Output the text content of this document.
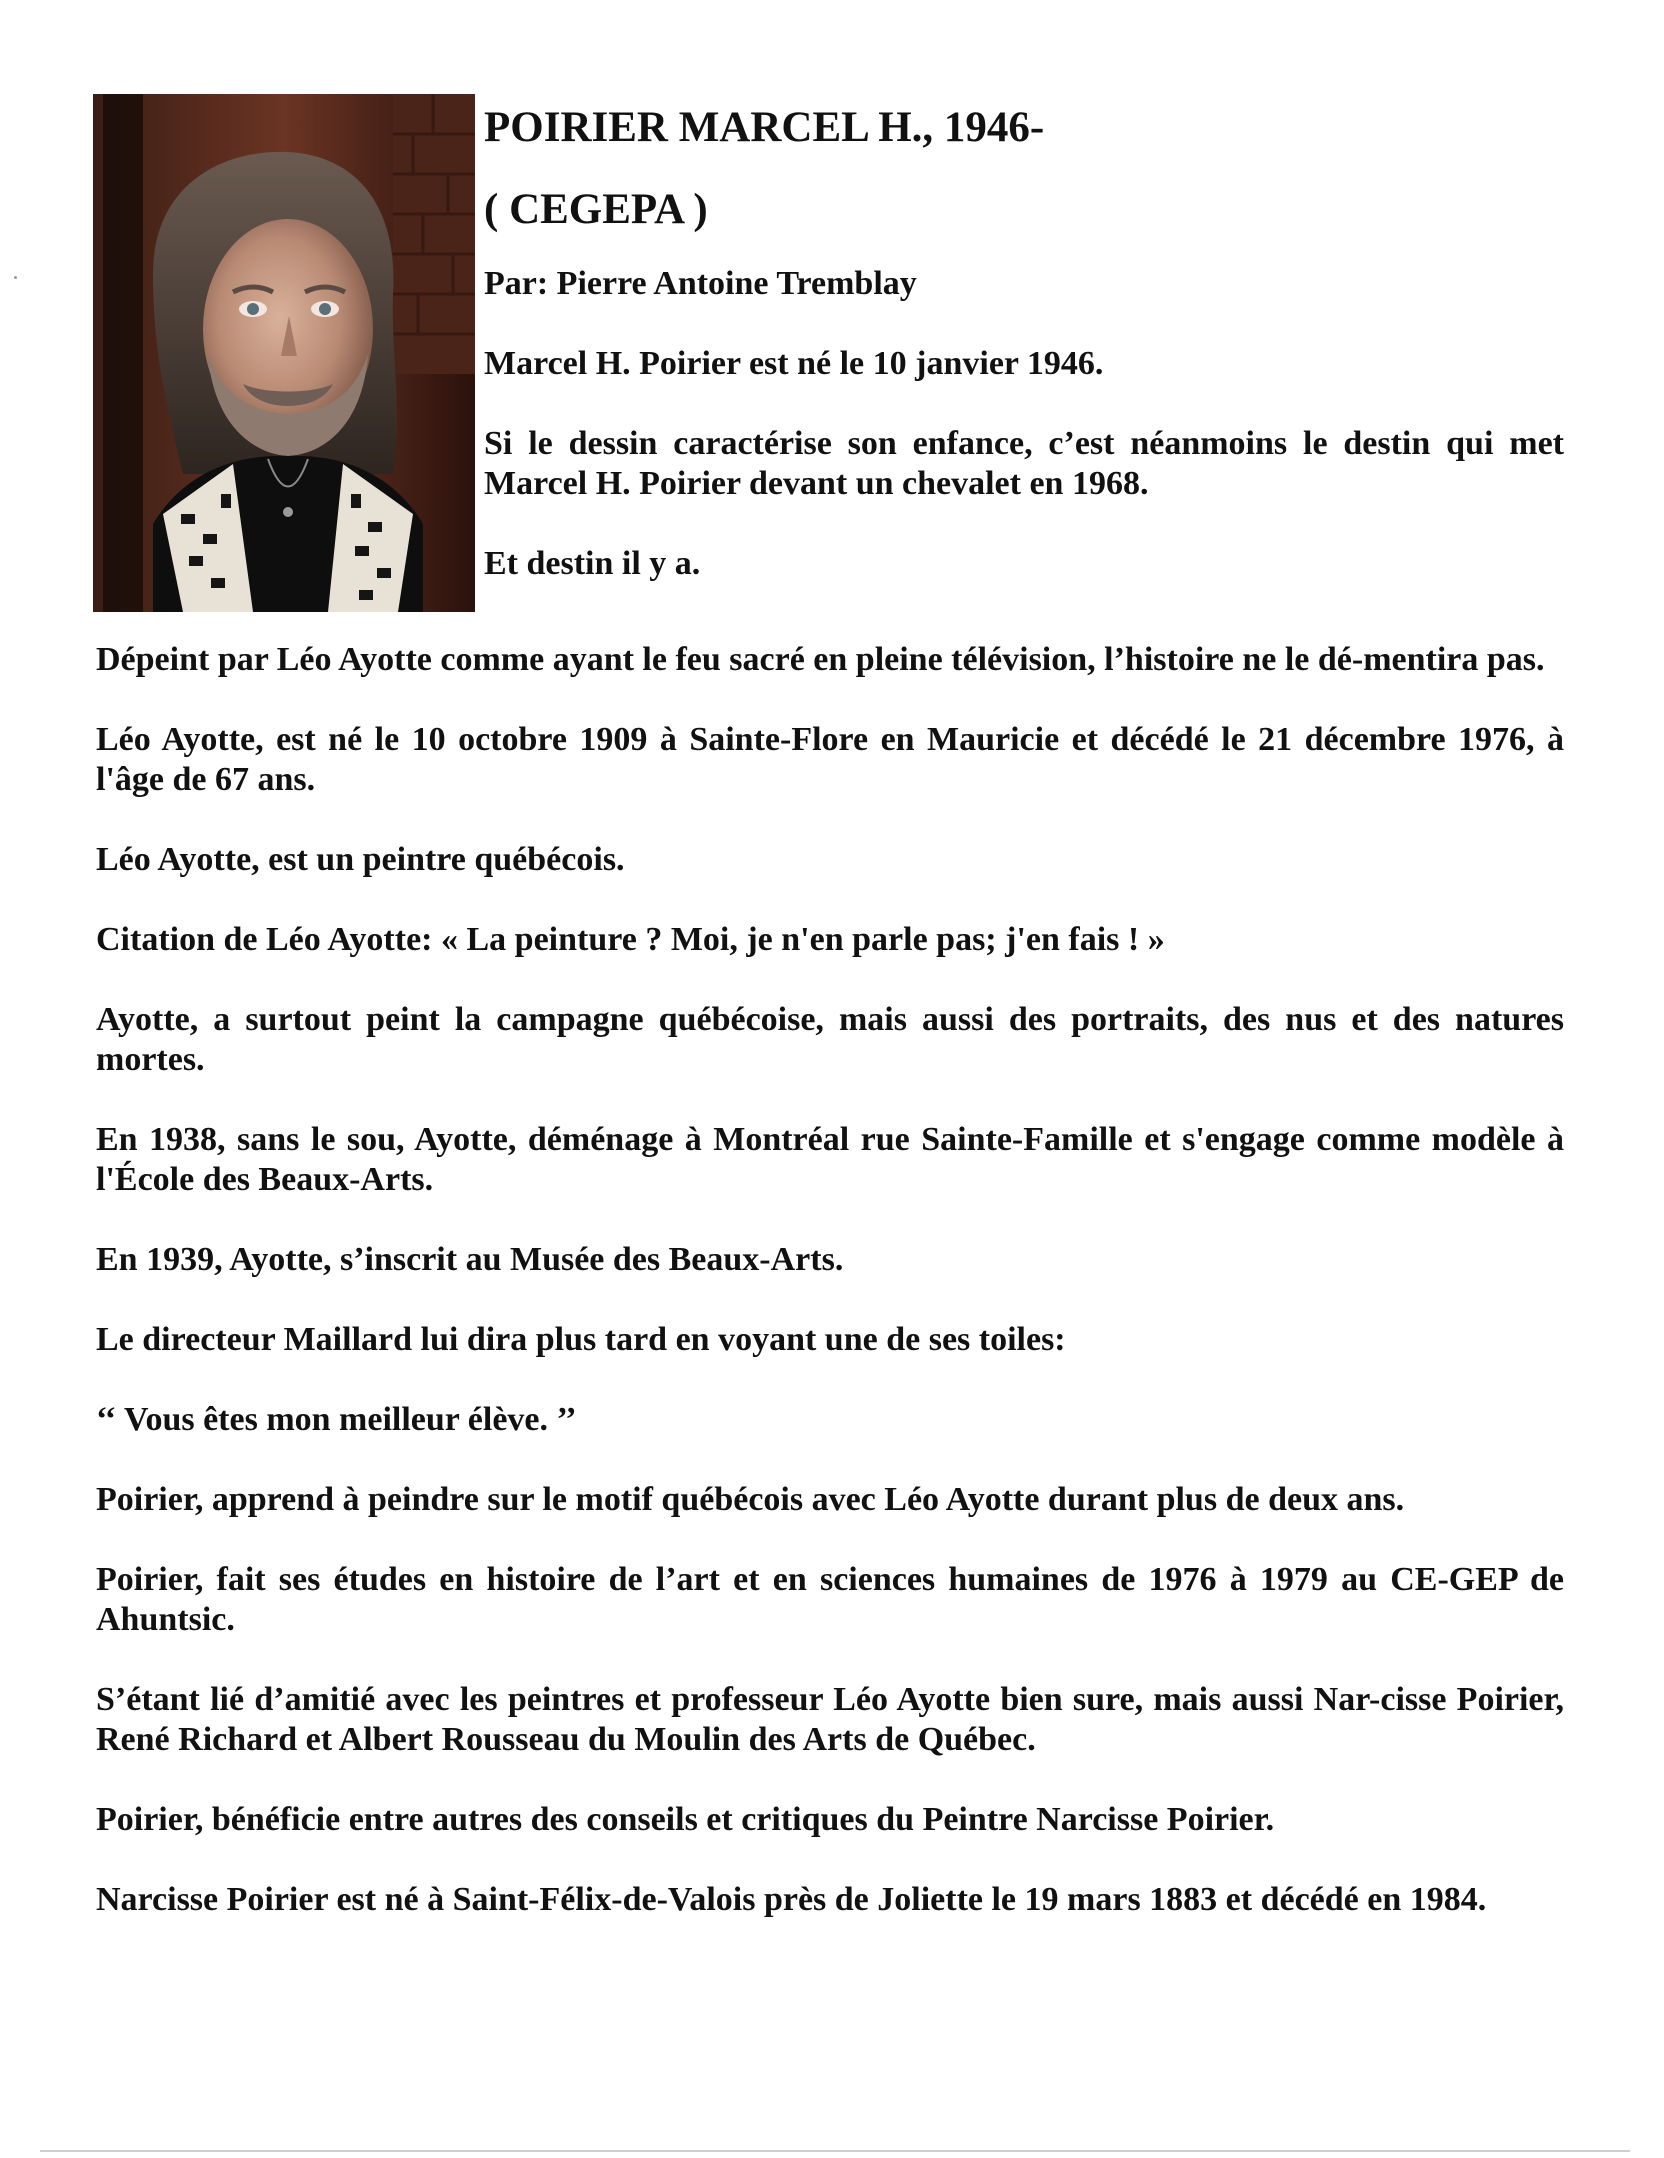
POIRIER MARCEL H., 1946-
( CEGEPA )

Par: Pierre Antoine Tremblay

Marcel H. Poirier est né le 10 janvier 1946.

Si le dessin caractérise son enfance, c’est néanmoins le destin qui met Marcel H. Poirier devant un chevalet en 1968.

Et destin il y a.

Dépeint par Léo Ayotte comme ayant le feu sacré en pleine télévision, l’histoire ne le dé-mentira pas.

Léo Ayotte, est né le 10 octobre 1909 à Sainte-Flore en Mauricie et décédé le 21 décembre 1976, à l'âge de 67 ans.

Léo Ayotte, est un peintre québécois.

Citation de Léo Ayotte: « La peinture ? Moi, je n'en parle pas; j'en fais ! »

Ayotte, a surtout peint la campagne québécoise, mais aussi des portraits, des nus et des natures mortes.

En 1938, sans le sou, Ayotte, déménage à Montréal rue Sainte-Famille et s'engage comme modèle à l'École des Beaux-Arts.

En 1939, Ayotte, s’inscrit au Musée des Beaux-Arts.

Le directeur Maillard lui dira plus tard en voyant une de ses toiles:

‘‘ Vous êtes mon meilleur élève. ’’

Poirier, apprend à peindre sur le motif québécois avec Léo Ayotte durant plus de deux ans.

Poirier, fait ses études en histoire de l’art et en sciences humaines de 1976 à 1979 au CE-GEP de Ahuntsic.

S’étant lié d’amitié avec les peintres et professeur Léo Ayotte bien sure, mais aussi Nar-cisse Poirier, René Richard et Albert Rousseau du Moulin des Arts de Québec.

Poirier, bénéficie entre autres des conseils et critiques du Peintre Narcisse Poirier.

Narcisse Poirier est né à Saint-Félix-de-Valois près de Joliette le 19 mars 1883 et décédé en 1984.
